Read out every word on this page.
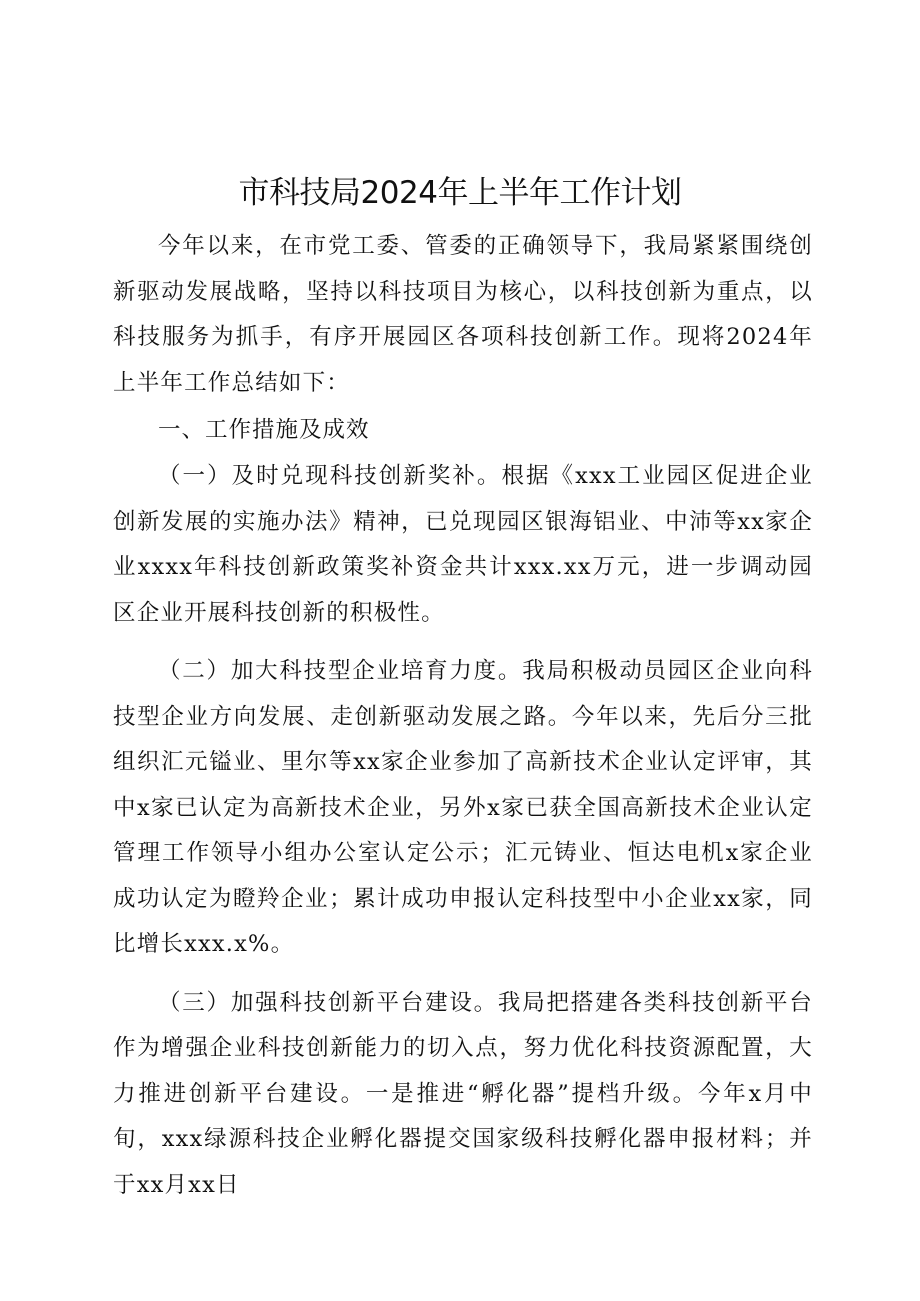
市科技局2024年上半年工作计划

今年以来，在市党工委、管委的正确领导下，我局紧紧围绕创新驱动发展战略，坚持以科技项目为核心，以科技创新为重点，以科技服务为抓手，有序开展园区各项科技创新工作。现将2024年上半年工作总结如下：

一、工作措施及成效

（一）及时兑现科技创新奖补。根据《xxx工业园区促进企业创新发展的实施办法》精神，已兑现园区银海铝业、中沛等xx家企业xxxx年科技创新政策奖补资金共计xxx.xx万元，进一步调动园区企业开展科技创新的积极性。

（二）加大科技型企业培育力度。我局积极动员园区企业向科技型企业方向发展、走创新驱动发展之路。今年以来，先后分三批组织汇元镒业、里尔等xx家企业参加了高新技术企业认定评审，其中x家已认定为高新技术企业，另外x家已获全国高新技术企业认定管理工作领导小组办公室认定公示；汇元铸业、恒达电机x家企业成功认定为瞪羚企业；累计成功申报认定科技型中小企业xx家，同比增长xxx.x%。

（三）加强科技创新平台建设。我局把搭建各类科技创新平台作为增强企业科技创新能力的切入点，努力优化科技资源配置，大力推进创新平台建设。一是推进“孵化器”提档升级。今年x月中旬，xxx绿源科技企业孵化器提交国家级科技孵化器申报材料；并于xx月xx日
